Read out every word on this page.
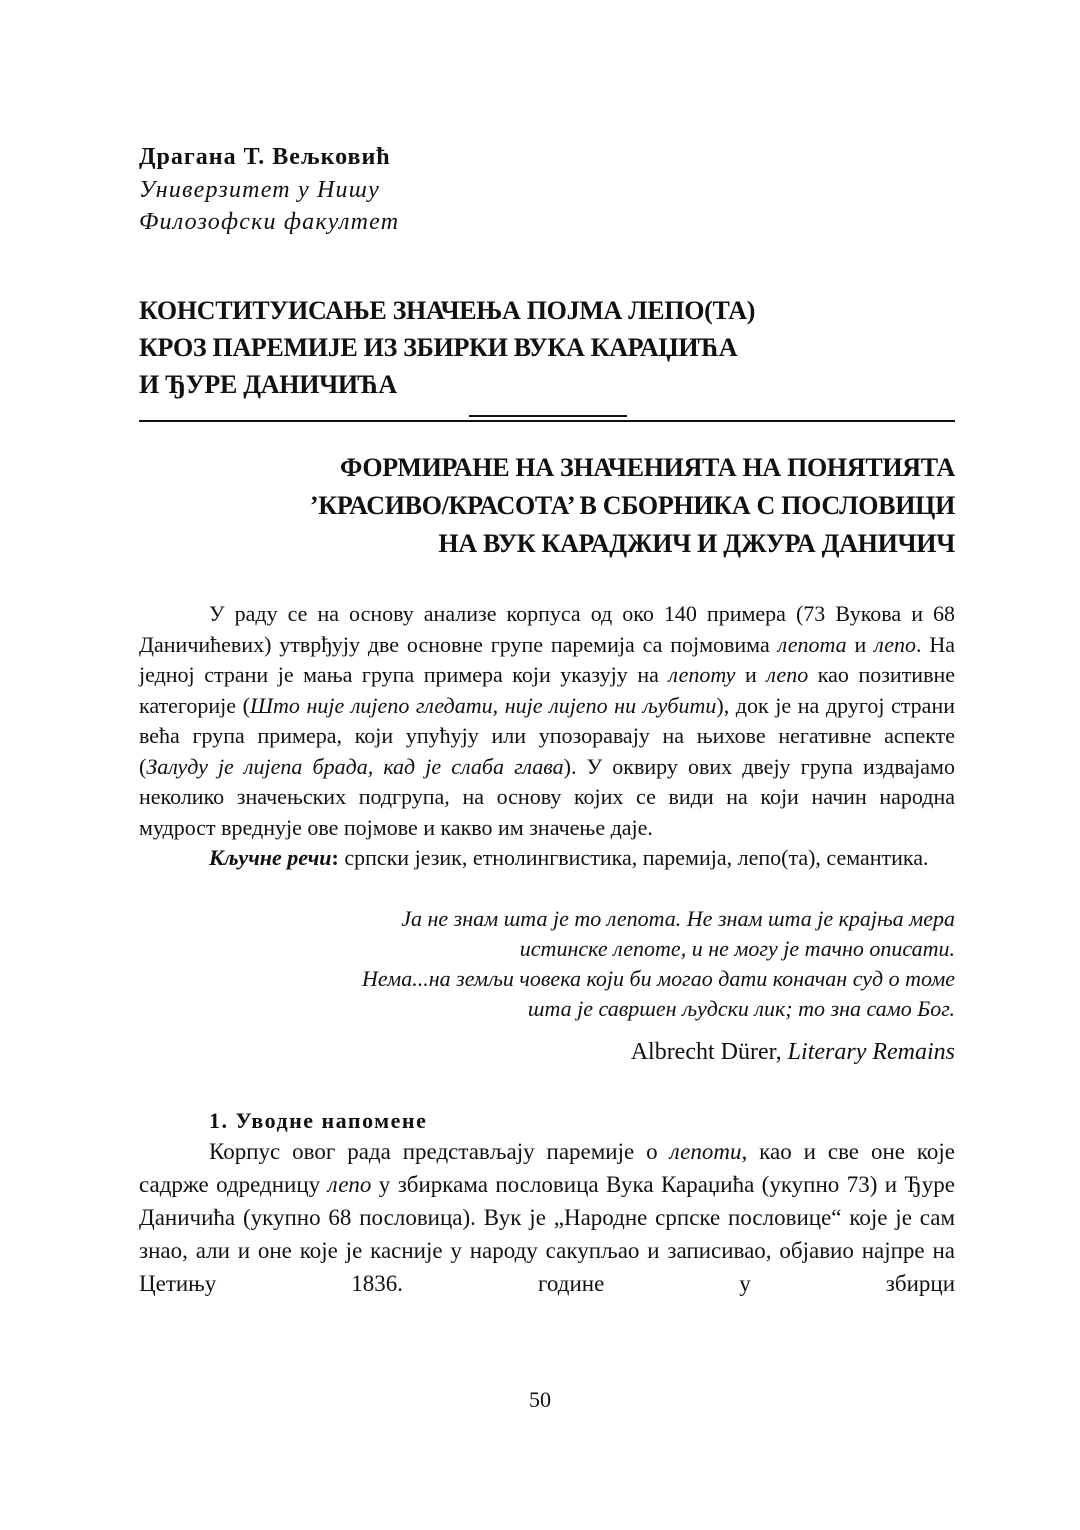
Драгана Т. Вељковић
Универзитет у Нишу
Филозофски факултет
КОНСТИТУИСАЊЕ ЗНАЧЕЊА ПОЈМА ЛЕПО(ТА)
КРОЗ ПАРЕМИЈЕ ИЗ ЗБИРКИ ВУКА КАРАЏИЋА
И ЂУРЕ ДАНИЧИЋА
ФОРМИРАНЕ НА ЗНАЧЕНИЯТА НА ПОНЯТИЯТА
’КРАСИВО/КРАСОТА’ В СБОРНИКА С ПОСЛОВИЦИ
НА ВУК КАРАДЖИЧ И ДЖУРА ДАНИЧИЧ

У раду се на основу анализе корпуса од око 140 примера (73 Вукова и 68 Даничићевих) утврђују две основне групе паремија са појмовима лепота и лепо. На једној страни је мања група примера који указују на лепоту и лепо као позитивне категорије (Што није лијепо гледати, није лијепо ни љубити), док је на другој страни већа група примера, који упућују или упозоравају на њихове негативне аспекте (Залуду је лијепа брада, кад је слаба глава). У оквиру ових двеју група издвајамо неколико значењских подгрупа, на основу којих се види на који начин народна мудрост вреднује ове појмове и какво им значење даје.

Кључне речи: српски језик, етнолингвистика, паремија, лепо(та), семантика.

Ја не знам шта је то лепота. Не знам шта је крајња мера
истинске лепоте, и не могу је тачно описати.
Нема...на земљи човека који би могао дати коначан суд о томе
шта је савршен људски лик; то зна само Бог.
Albrecht Dürer, Literary Remains
1. Уводне напомене

Корпус овог рада представљају паремије о лепоти, као и све оне које садрже одредницу лепо у збиркама пословица Вука Караџића (укупно 73) и Ђуре Даничића (укупно 68 пословица). Вук је „Народне српске пословице“ које је сам знао, али и оне које је касније у народу сакупљао и записивао, објавио најпре на Цетињу 1836. године у збирци

50
